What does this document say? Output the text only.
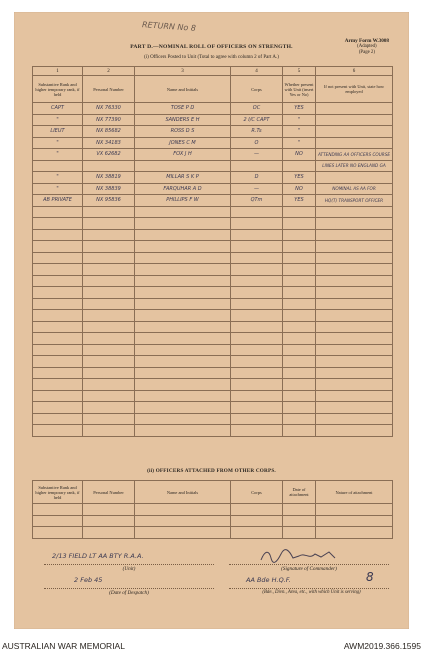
RETURN No 8
Army Form W.3008
(Adapted)
(Page 2)
PART D.—NOMINAL ROLL OF OFFICERS ON STRENGTH.
(i) Officers Posted to Unit (Total to agree with column 2 of Part A.)
1	2	3	4	5	6
Substantive Rank and higher temporary rank, if held	Personal Number	Name and Initials	Corps	Whether present with Unit (insert Yes or No)	If not present with Unit, state how employed
CAPT	NX 76330	TOSE P D	OC	YES	
"	NX 77390	SANDERS E H	2 I/C CAPT	"	
LIEUT	NX 85682	ROSS D S	R.Ts	"	
"	NX 34183	JONES C M	O	"	
"	VX 62682	FOX J H	—	NO	ATTENDING AA OFFICERS COURSE
					LINES LATER NO ENGLAND GA
"	NX 38819	MILLAR S K P	D	YES	
"	NX 38839	FARQUHAR A D	—	NO	NOMINAL AS AA FOR
AB PRIVATE	NX 95836	PHILLIPS F W	QTm	YES	HQ(T) TRANSPORT OFFICER

(ii) OFFICERS ATTACHED FROM OTHER CORPS.
Substantive Rank and higher temporary rank, if held	Personal Number	Name and Initials	Corps	Date of attachment	Nature of attachment

2/13 FIELD LT AA BTY R.A.A.
(Unit)	(Signature of Commander)
2 Feb 45
(Date of Despatch)
AA Bde H.Q.F.	8
(Bde., Divn., Area, etc., with which Unit is serving)
AUSTRALIAN WAR MEMORIAL	AWM2019.366.1595
